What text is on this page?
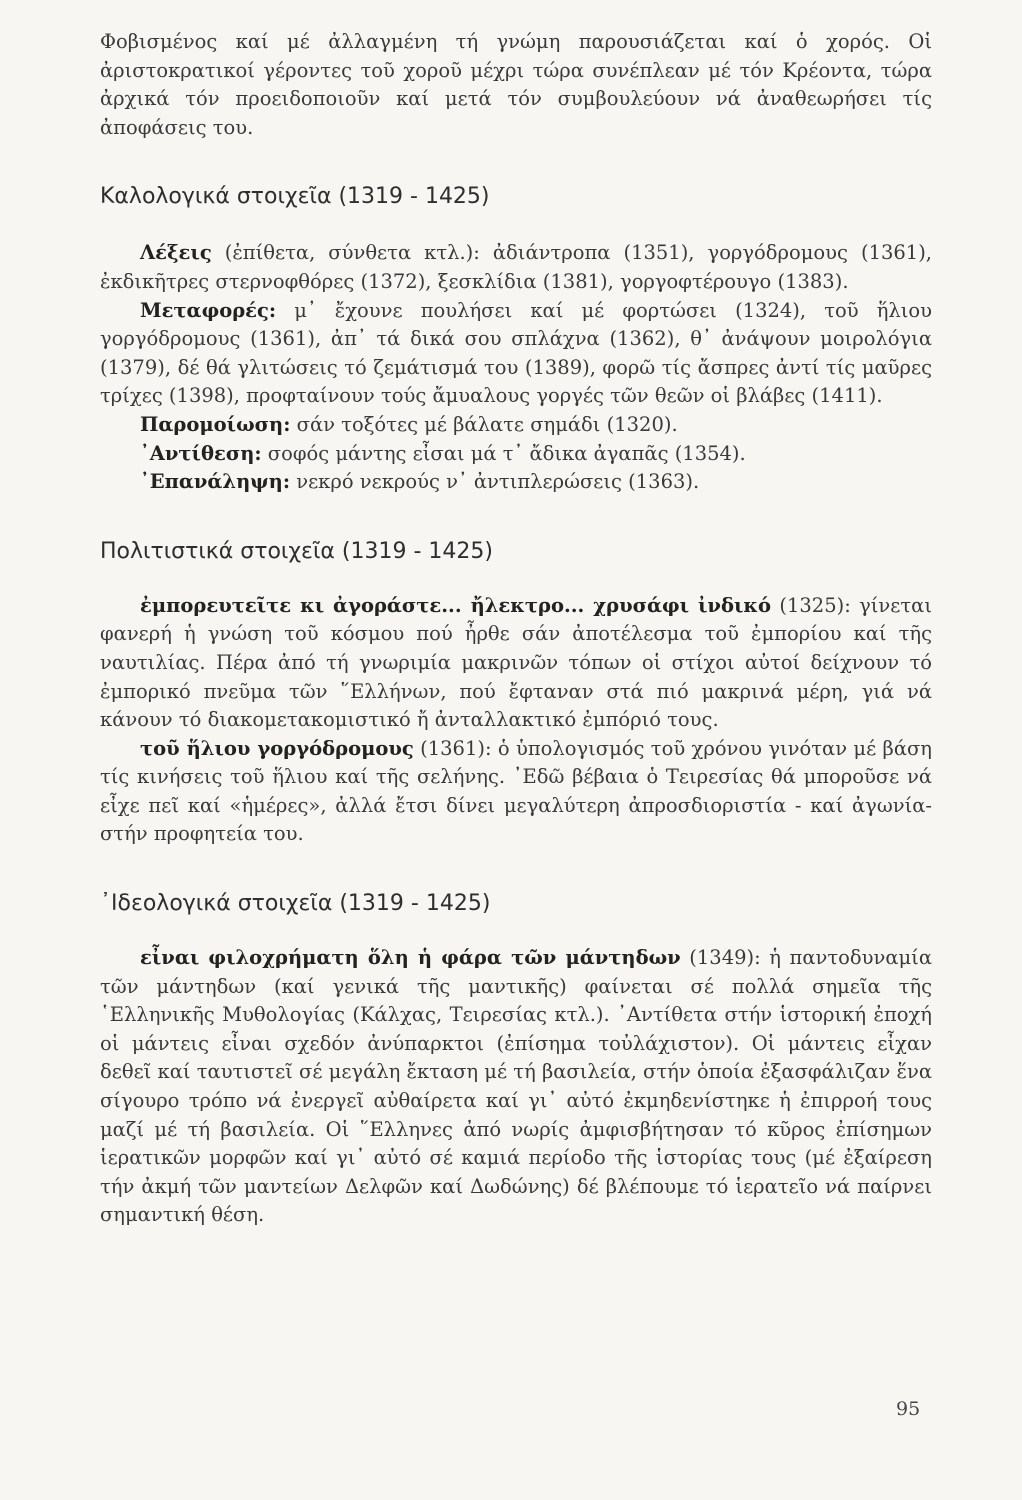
Φοβισμένος καί μέ ἀλλαγμένη τή γνώμη παρουσιάζεται καί ὁ χορός. Οἱ ἀριστοκρατικοί γέροντες τοῦ χοροῦ μέχρι τώρα συνέπλεαν μέ τόν Κρέοντα, τώρα ἀρχικά τόν προειδοποιοῦν καί μετά τόν συμβουλεύουν νά ἀναθεωρήσει τίς ἀποφάσεις του.

Καλολογικά στοιχεῖα (1319 - 1425)

Λέξεις (ἐπίθετα, σύνθετα κτλ.): ἀδιάντροπα (1351), γοργόδρομους (1361), ἐκδικῆτρες στερνοφθόρες (1372), ξεσκλίδια (1381), γοργοφτέρουγο (1383).

Μεταφορές: μ᾽ ἔχουνε πουλήσει καί μέ φορτώσει (1324), τοῦ ἥλιου γοργόδρομους (1361), ἀπ᾽ τά δικά σου σπλάχνα (1362), θ᾽ ἀνάψουν μοιρολόγια (1379), δέ θά γλιτώσεις τό ζεμάτισμά του (1389), φορῶ τίς ἄσπρες ἀντί τίς μαῦρες τρίχες (1398), προφταίνουν τούς ἄμυαλους γοργές τῶν θεῶν οἱ βλάβες (1411).

Παρομοίωση: σάν τοξότες μέ βάλατε σημάδι (1320).

᾽Αντίθεση: σοφός μάντης εἶσαι μά τ᾽ ἄδικα ἀγαπᾶς (1354).

᾽Επανάληψη: νεκρό νεκρούς ν᾽ ἀντιπλερώσεις (1363).

Πολιτιστικά στοιχεῖα (1319 - 1425)

ἐμπορευτεῖτε κι ἀγοράστε... ἤλεκτρο... χρυσάφι ἰνδικό (1325): γίνεται φανερή ἡ γνώση τοῦ κόσμου πού ἦρθε σάν ἀποτέλεσμα τοῦ ἐμπορίου καί τῆς ναυτιλίας. Πέρα ἀπό τή γνωριμία μακρινῶν τόπων οἱ στίχοι αὐτοί δείχνουν τό ἐμπορικό πνεῦμα τῶν ῞Ελλήνων, πού ἔφταναν στά πιό μακρινά μέρη, γιά νά κάνουν τό διακομετακομιστικό ἤ ἀνταλλακτικό ἐμπόριό τους.

τοῦ ἥλιου γοργόδρομους (1361): ὁ ὑπολογισμός τοῦ χρόνου γινόταν μέ βάση τίς κινήσεις τοῦ ἥλιου καί τῆς σελήνης. ᾽Εδῶ βέβαια ὁ Τειρεσίας θά μποροῦσε νά εἶχε πεῖ καί «ἡμέρες», ἀλλά ἔτσι δίνει μεγαλύτερη ἀπροσδιοριστία - καί ἀγωνία- στήν προφητεία του.

᾽Ιδεολογικά στοιχεῖα (1319 - 1425)

εἶναι φιλοχρήματη ὅλη ἡ φάρα τῶν μάντηδων (1349): ἡ παντοδυναμία τῶν μάντηδων (καί γενικά τῆς μαντικῆς) φαίνεται σέ πολλά σημεῖα τῆς ῾Ελληνικῆς Μυθολογίας (Κάλχας, Τειρεσίας κτλ.). ᾽Αντίθετα στήν ἱστορική ἐποχή οἱ μάντεις εἶναι σχεδόν ἀνύπαρκτοι (ἐπίσημα τοὐλάχιστον). Οἱ μάντεις εἶχαν δεθεῖ καί ταυτιστεῖ σέ μεγάλη ἔκταση μέ τή βασιλεία, στήν ὁποία ἐξασφάλιζαν ἕνα σίγουρο τρόπο νά ἐνεργεῖ αὐθαίρετα καί γι᾽ αὐτό ἐκμηδενίστηκε ἡ ἐπιρροή τους μαζί μέ τή βασιλεία. Οἱ ῞Ελληνες ἀπό νωρίς ἀμφισβήτησαν τό κῦρος ἐπίσημων ἱερατικῶν μορφῶν καί γι᾽ αὐτό σέ καμιά περίοδο τῆς ἱστορίας τους (μέ ἐξαίρεση τήν ἀκμή τῶν μαντείων Δελφῶν καί Δωδώνης) δέ βλέπουμε τό ἱερατεῖο νά παίρνει σημαντική θέση.

95
